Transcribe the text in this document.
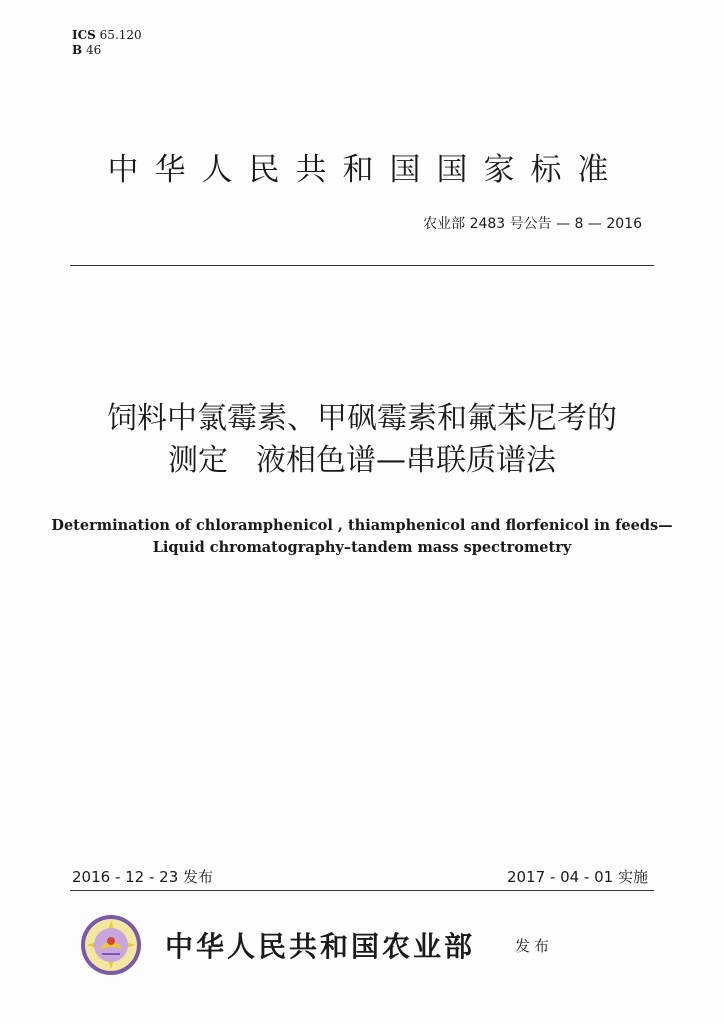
ICS 65.120
B 46
中华人民共和国国家标准
农业部 2483 号公告 — 8 — 2016
饲料中氯霉素、甲砜霉素和氟苯尼考的
测定 液相色谱—串联质谱法
Determination of chloramphenicol , thiamphenicol and florfenicol in feeds—
Liquid chromatography–tandem mass spectrometry
2016 - 12 - 23 发布	2017 - 04 - 01 实施
中华人民共和国农业部	发布
